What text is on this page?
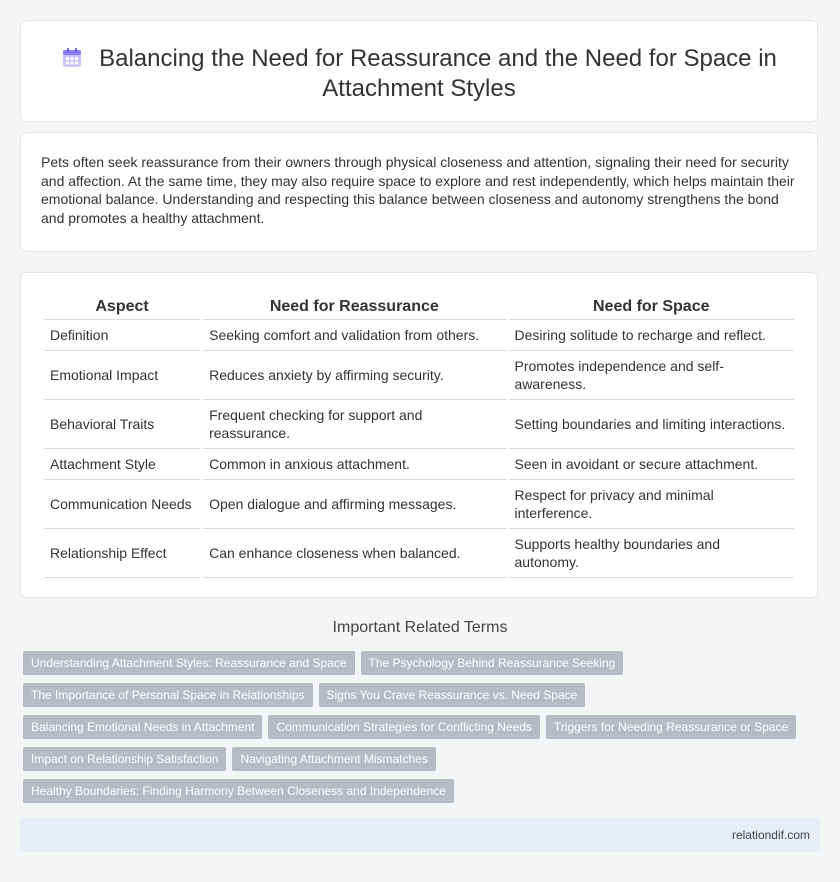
Balancing the Need for Reassurance and the Need for Space in Attachment Styles

Pets often seek reassurance from their owners through physical closeness and attention, signaling their need for security and affection. At the same time, they may also require space to explore and rest independently, which helps maintain their emotional balance. Understanding and respecting this balance between closeness and autonomy strengthens the bond and promotes a healthy attachment.

Aspect	Need for Reassurance	Need for Space
Definition	Seeking comfort and validation from others.	Desiring solitude to recharge and reflect.
Emotional Impact	Reduces anxiety by affirming security.	Promotes independence and self-awareness.
Behavioral Traits	Frequent checking for support and reassurance.	Setting boundaries and limiting interactions.
Attachment Style	Common in anxious attachment.	Seen in avoidant or secure attachment.
Communication Needs	Open dialogue and affirming messages.	Respect for privacy and minimal interference.
Relationship Effect	Can enhance closeness when balanced.	Supports healthy boundaries and autonomy.
Important Related Terms
Understanding Attachment Styles: Reassurance and Space The Psychology Behind Reassurance Seeking
The Importance of Personal Space in Relationships Signs You Crave Reassurance vs. Need Space
Balancing Emotional Needs in Attachment Communication Strategies for Conflicting Needs Triggers for Needing Reassurance or Space
Impact on Relationship Satisfaction Navigating Attachment Mismatches
Healthy Boundaries: Finding Harmony Between Closeness and Independence
relationdif.com
